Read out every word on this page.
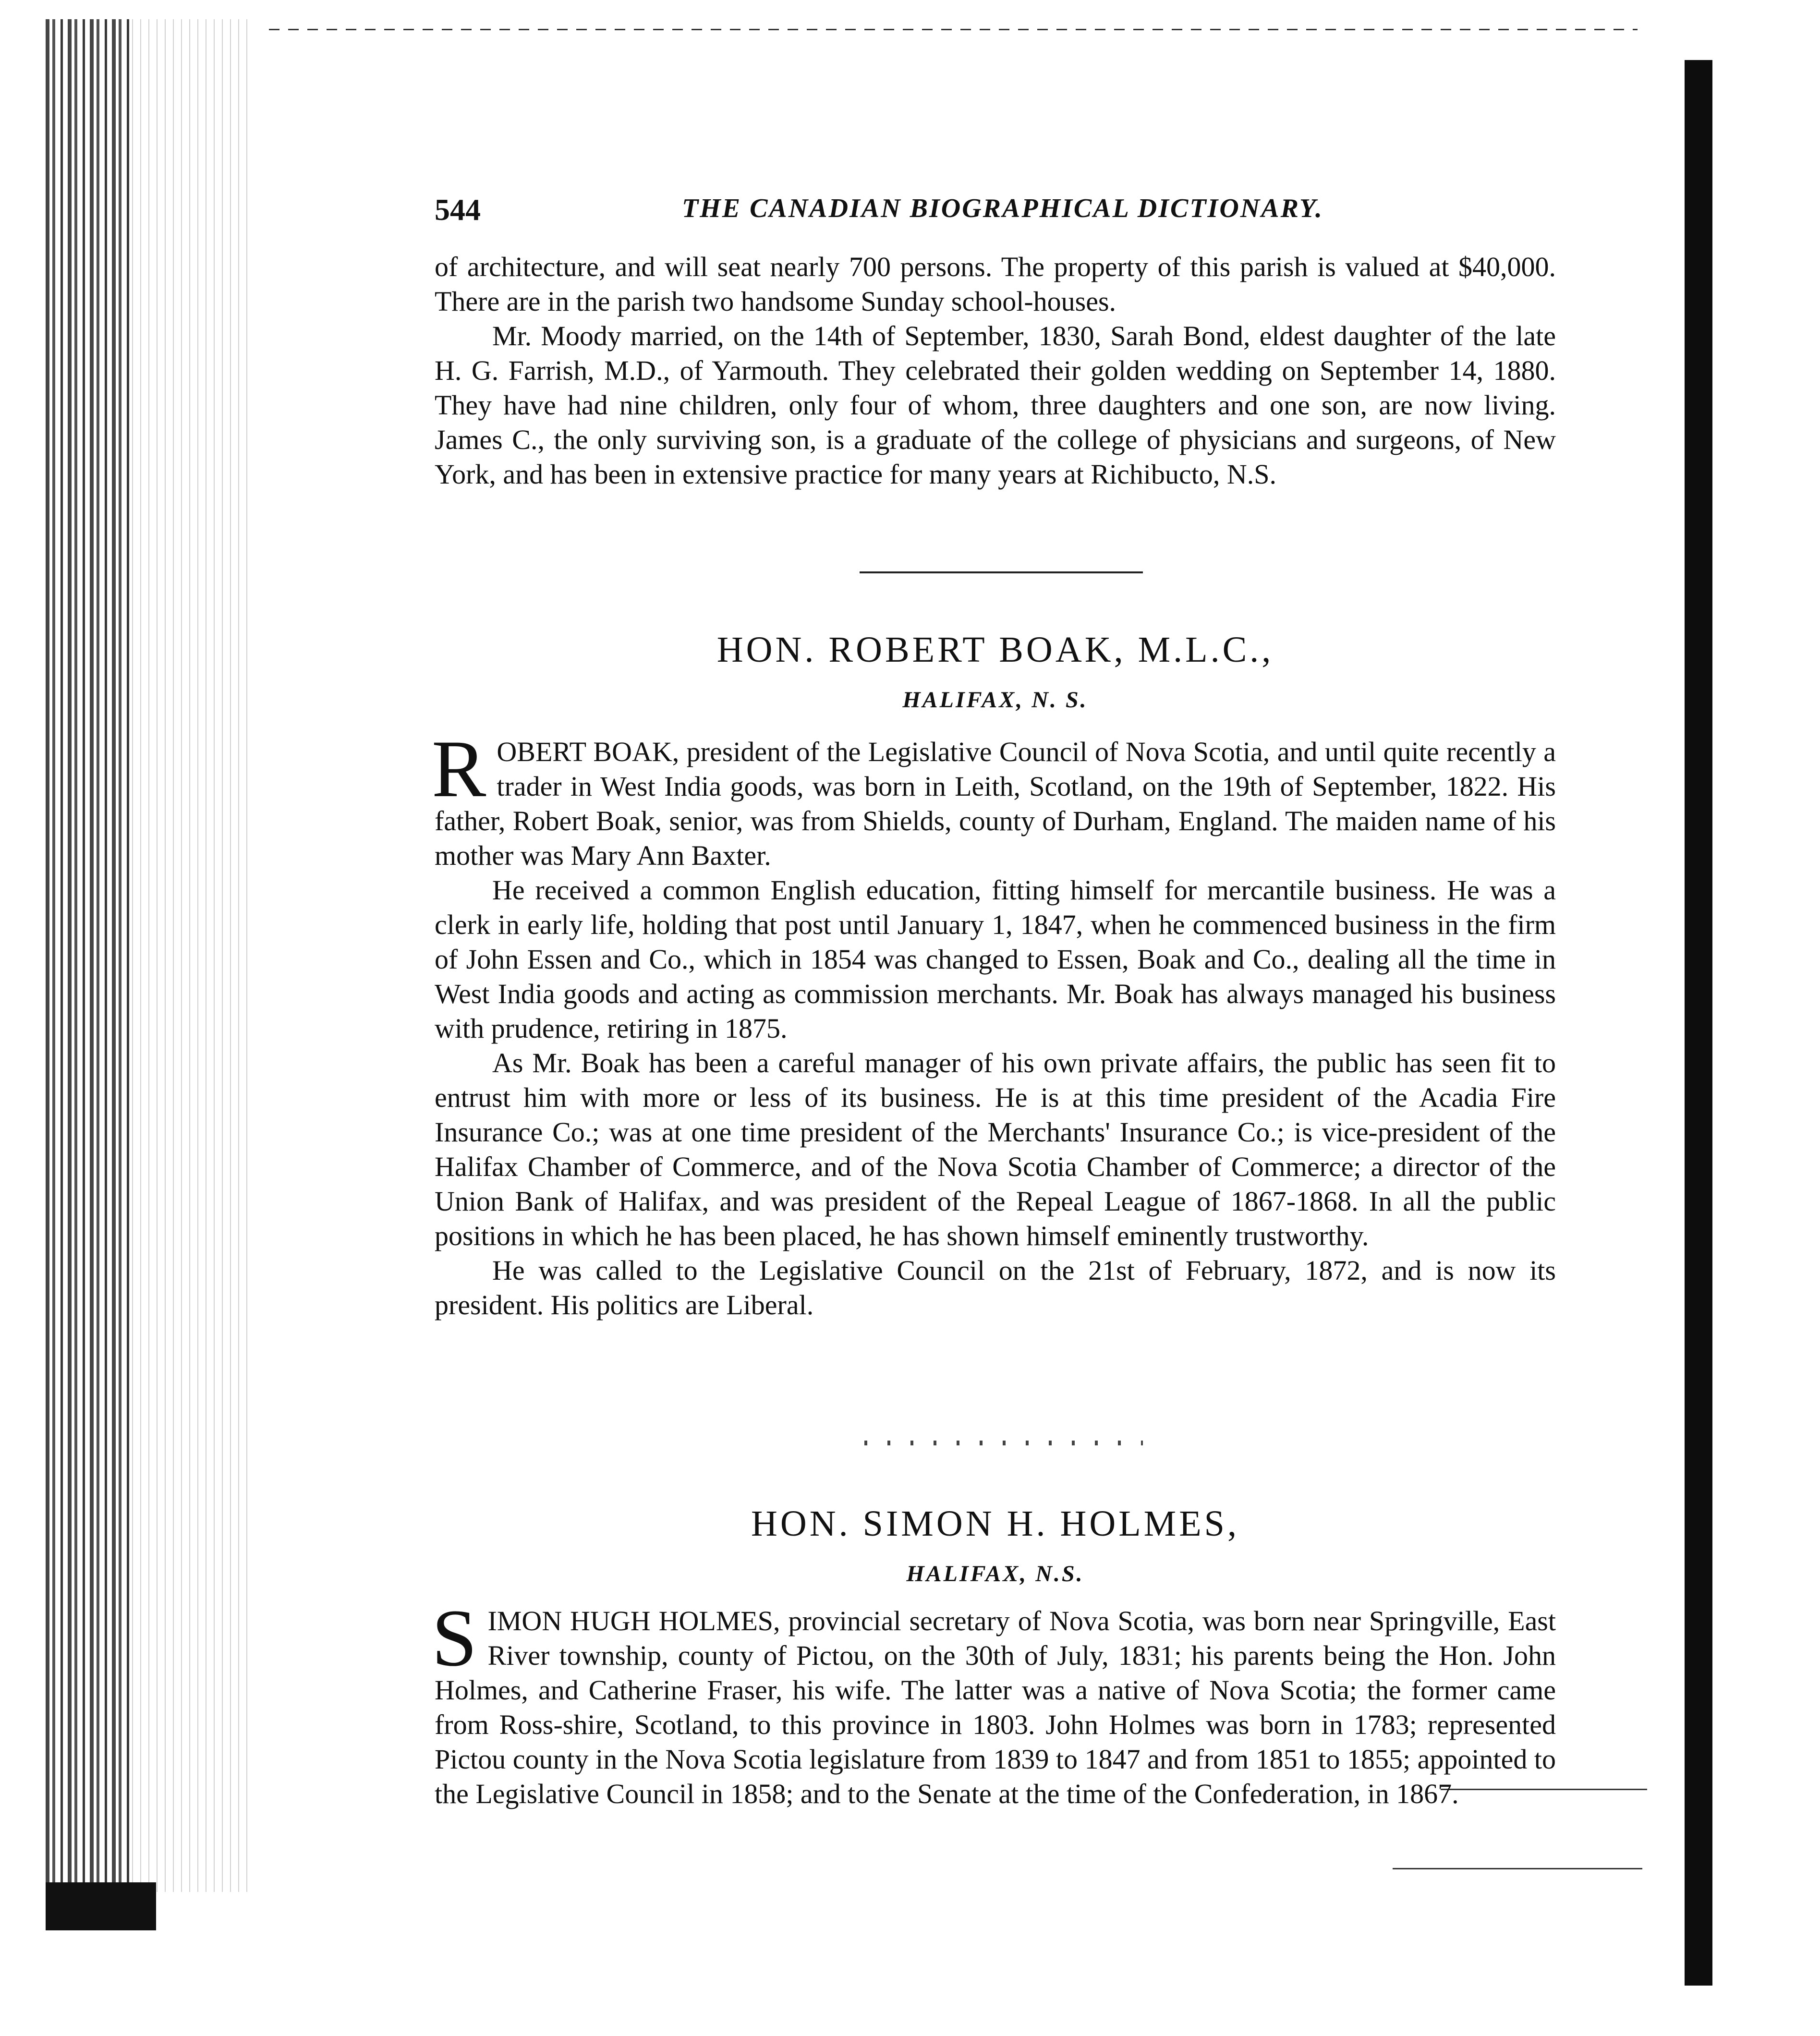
544	THE CANADIAN BIOGRAPHICAL DICTIONARY.

of architecture, and will seat nearly 700 persons. The property of this parish is valued at $40,000. There are in the parish two handsome Sunday school-houses.

Mr. Moody married, on the 14th of September, 1830, Sarah Bond, eldest daughter of the late H. G. Farrish, M.D., of Yarmouth. They celebrated their golden wedding on September 14, 1880. They have had nine children, only four of whom, three daughters and one son, are now living. James C., the only surviving son, is a graduate of the college of physicians and surgeons, of New York, and has been in extensive practice for many years at Richibucto, N.S.

HON. ROBERT BOAK, M.L.C.,
HALIFAX, N. S.

ROBERT BOAK, president of the Legislative Council of Nova Scotia, and until quite recently a trader in West India goods, was born in Leith, Scotland, on the 19th of September, 1822. His father, Robert Boak, senior, was from Shields, county of Durham, England. The maiden name of his mother was Mary Ann Baxter.

He received a common English education, fitting himself for mercantile business. He was a clerk in early life, holding that post until January 1, 1847, when he commenced business in the firm of John Essen and Co., which in 1854 was changed to Essen, Boak and Co., dealing all the time in West India goods and acting as commission merchants. Mr. Boak has always managed his business with prudence, retiring in 1875.

As Mr. Boak has been a careful manager of his own private affairs, the public has seen fit to entrust him with more or less of its business. He is at this time president of the Acadia Fire Insurance Co.; was at one time president of the Merchants' Insurance Co.; is vice-president of the Halifax Chamber of Commerce, and of the Nova Scotia Chamber of Commerce; a director of the Union Bank of Halifax, and was president of the Repeal League of 1867-1868. In all the public positions in which he has been placed, he has shown himself eminently trustworthy.

He was called to the Legislative Council on the 21st of February, 1872, and is now its president. His politics are Liberal.

HON. SIMON H. HOLMES,
HALIFAX, N.S.

SIMON HUGH HOLMES, provincial secretary of Nova Scotia, was born near Springville, East River township, county of Pictou, on the 30th of July, 1831; his parents being the Hon. John Holmes, and Catherine Fraser, his wife. The latter was a native of Nova Scotia; the former came from Ross-shire, Scotland, to this province in 1803. John Holmes was born in 1783; represented Pictou county in the Nova Scotia legislature from 1839 to 1847 and from 1851 to 1855; appointed to the Legislative Council in 1858; and to the Senate at the time of the Confederation, in 1867.
